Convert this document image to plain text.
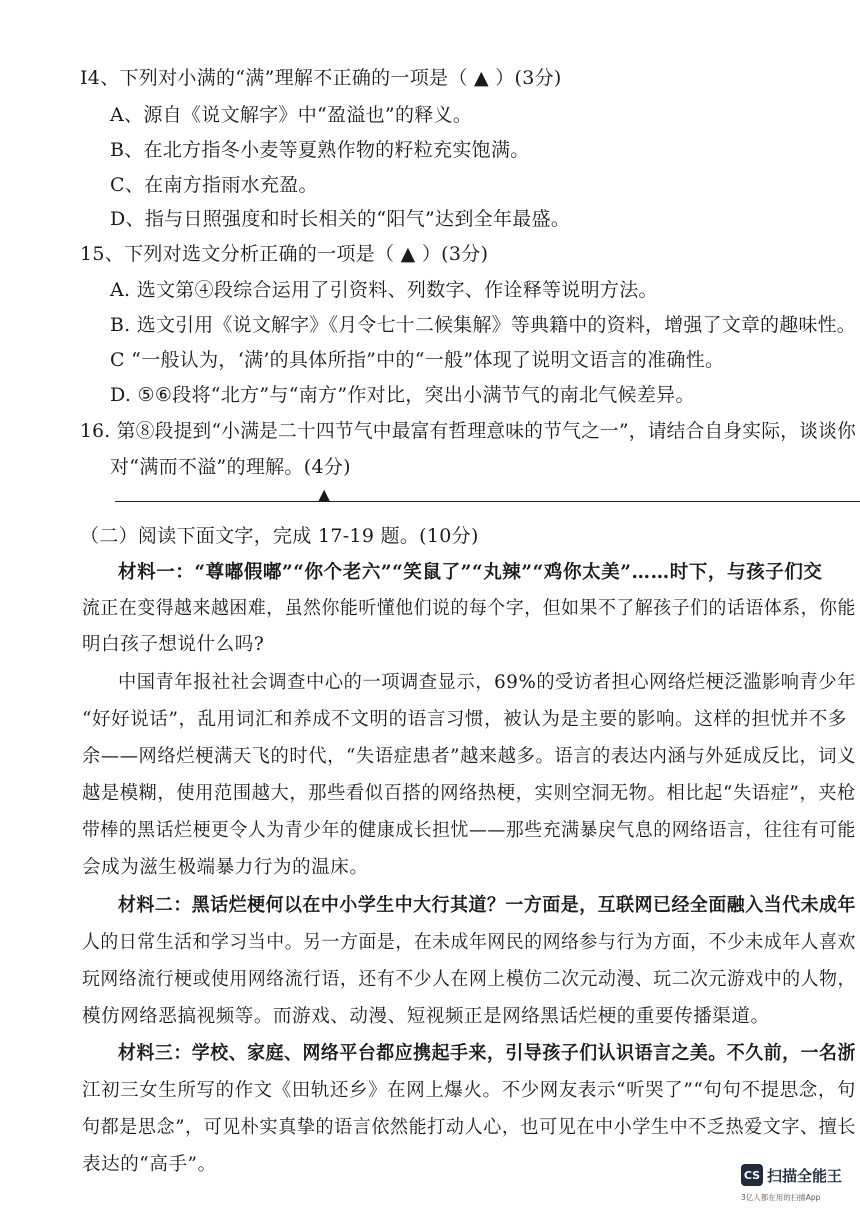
I4、下列对小满的“满”理解不正确的一项是（ ▲ ）(3分)
A、源自《说文解字》中“盈溢也”的释义。
B、在北方指冬小麦等夏熟作物的籽粒充实饱满。
C、在南方指雨水充盈。
D、指与日照强度和时长相关的“阳气”达到全年最盛。
15、下列对选文分析正确的一项是（ ▲ ）(3分)
A. 选文第④段综合运用了引资料、列数字、作诠释等说明方法。
B. 选文引用《说文解字》《月令七十二候集解》等典籍中的资料，增强了文章的趣味性。
C “一般认为，‘满’的具体所指”中的“一般”体现了说明文语言的准确性。
D. ⑤⑥段将“北方”与“南方”作对比，突出小满节气的南北气候差异。
16. 第⑧段提到“小满是二十四节气中最富有哲理意味的节气之一”，请结合自身实际，谈谈你
对“满而不溢”的理解。(4分)
▲
（二）阅读下面文字，完成 17-19 题。(10分)
材料一：“尊嘟假嘟”“你个老六”“笑鼠了”“丸辣”“鸡你太美”……时下，与孩子们交
流正在变得越来越困难，虽然你能听懂他们说的每个字，但如果不了解孩子们的话语体系，你能
明白孩子想说什么吗?
中国青年报社社会调查中心的一项调查显示，69%的受访者担心网络烂梗泛滥影响青少年
“好好说话”，乱用词汇和养成不文明的语言习惯，被认为是主要的影响。这样的担忧并不多
余——网络烂梗满天飞的时代，“失语症患者”越来越多。语言的表达内涵与外延成反比，词义
越是模糊，使用范围越大，那些看似百搭的网络热梗，实则空洞无物。相比起“失语症”，夹枪
带棒的黑话烂梗更令人为青少年的健康成长担忧——那些充满暴戾气息的网络语言，往往有可能
会成为滋生极端暴力行为的温床。
材料二：黑话烂梗何以在中小学生中大行其道？一方面是，互联网已经全面融入当代未成年
人的日常生活和学习当中。另一方面是，在未成年网民的网络参与行为方面，不少未成年人喜欢
玩网络流行梗或使用网络流行语，还有不少人在网上模仿二次元动漫、玩二次元游戏中的人物，
模仿网络恶搞视频等。而游戏、动漫、短视频正是网络黑话烂梗的重要传播渠道。
材料三：学校、家庭、网络平台都应携起手来，引导孩子们认识语言之美。不久前，一名浙
江初三女生所写的作文《田轨还乡》在网上爆火。不少网友表示“听哭了”“句句不提思念，句
句都是思念”，可见朴实真挚的语言依然能打动人心，也可见在中小学生中不乏热爱文字、擅长
表达的“高手”。	CS 扫描全能王
3亿人都在用的扫描App
